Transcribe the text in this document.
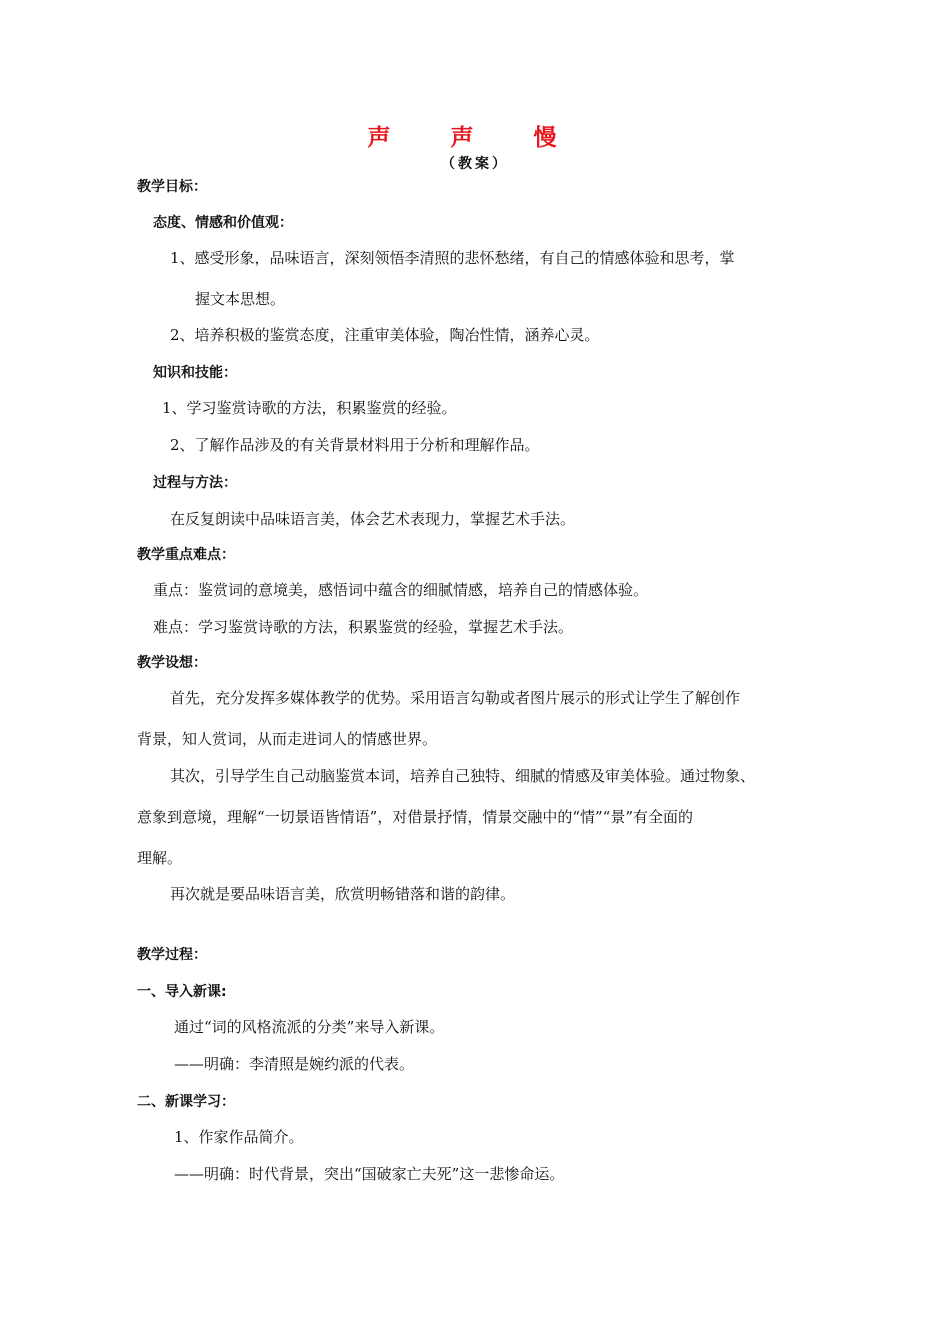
声 声 慢
（教案）
教学目标：
态度、情感和价值观：
1、感受形象，品味语言，深刻领悟李清照的悲怀愁绪，有自己的情感体验和思考，掌
握文本思想。
2、培养积极的鉴赏态度，注重审美体验，陶冶性情，涵养心灵。
知识和技能：
1、学习鉴赏诗歌的方法，积累鉴赏的经验。
2、了解作品涉及的有关背景材料用于分析和理解作品。
过程与方法：
在反复朗读中品味语言美，体会艺术表现力，掌握艺术手法。
教学重点难点：
重点：鉴赏词的意境美，感悟词中蕴含的细腻情感，培养自己的情感体验。
难点：学习鉴赏诗歌的方法，积累鉴赏的经验，掌握艺术手法。
教学设想：
首先，充分发挥多媒体教学的优势。采用语言勾勒或者图片展示的形式让学生了解创作
背景，知人赏词，从而走进词人的情感世界。
其次，引导学生自己动脑鉴赏本词，培养自己独特、细腻的情感及审美体验。通过物象、
意象到意境，理解“一切景语皆情语”，对借景抒情，情景交融中的“情”“景”有全面的
理解。
再次就是要品味语言美，欣赏明畅错落和谐的韵律。
教学过程：
一、导入新课:
通过“词的风格流派的分类”来导入新课。
——明确：李清照是婉约派的代表。
二、新课学习：
1、作家作品简介。
——明确：时代背景，突出“国破家亡夫死”这一悲惨命运。
